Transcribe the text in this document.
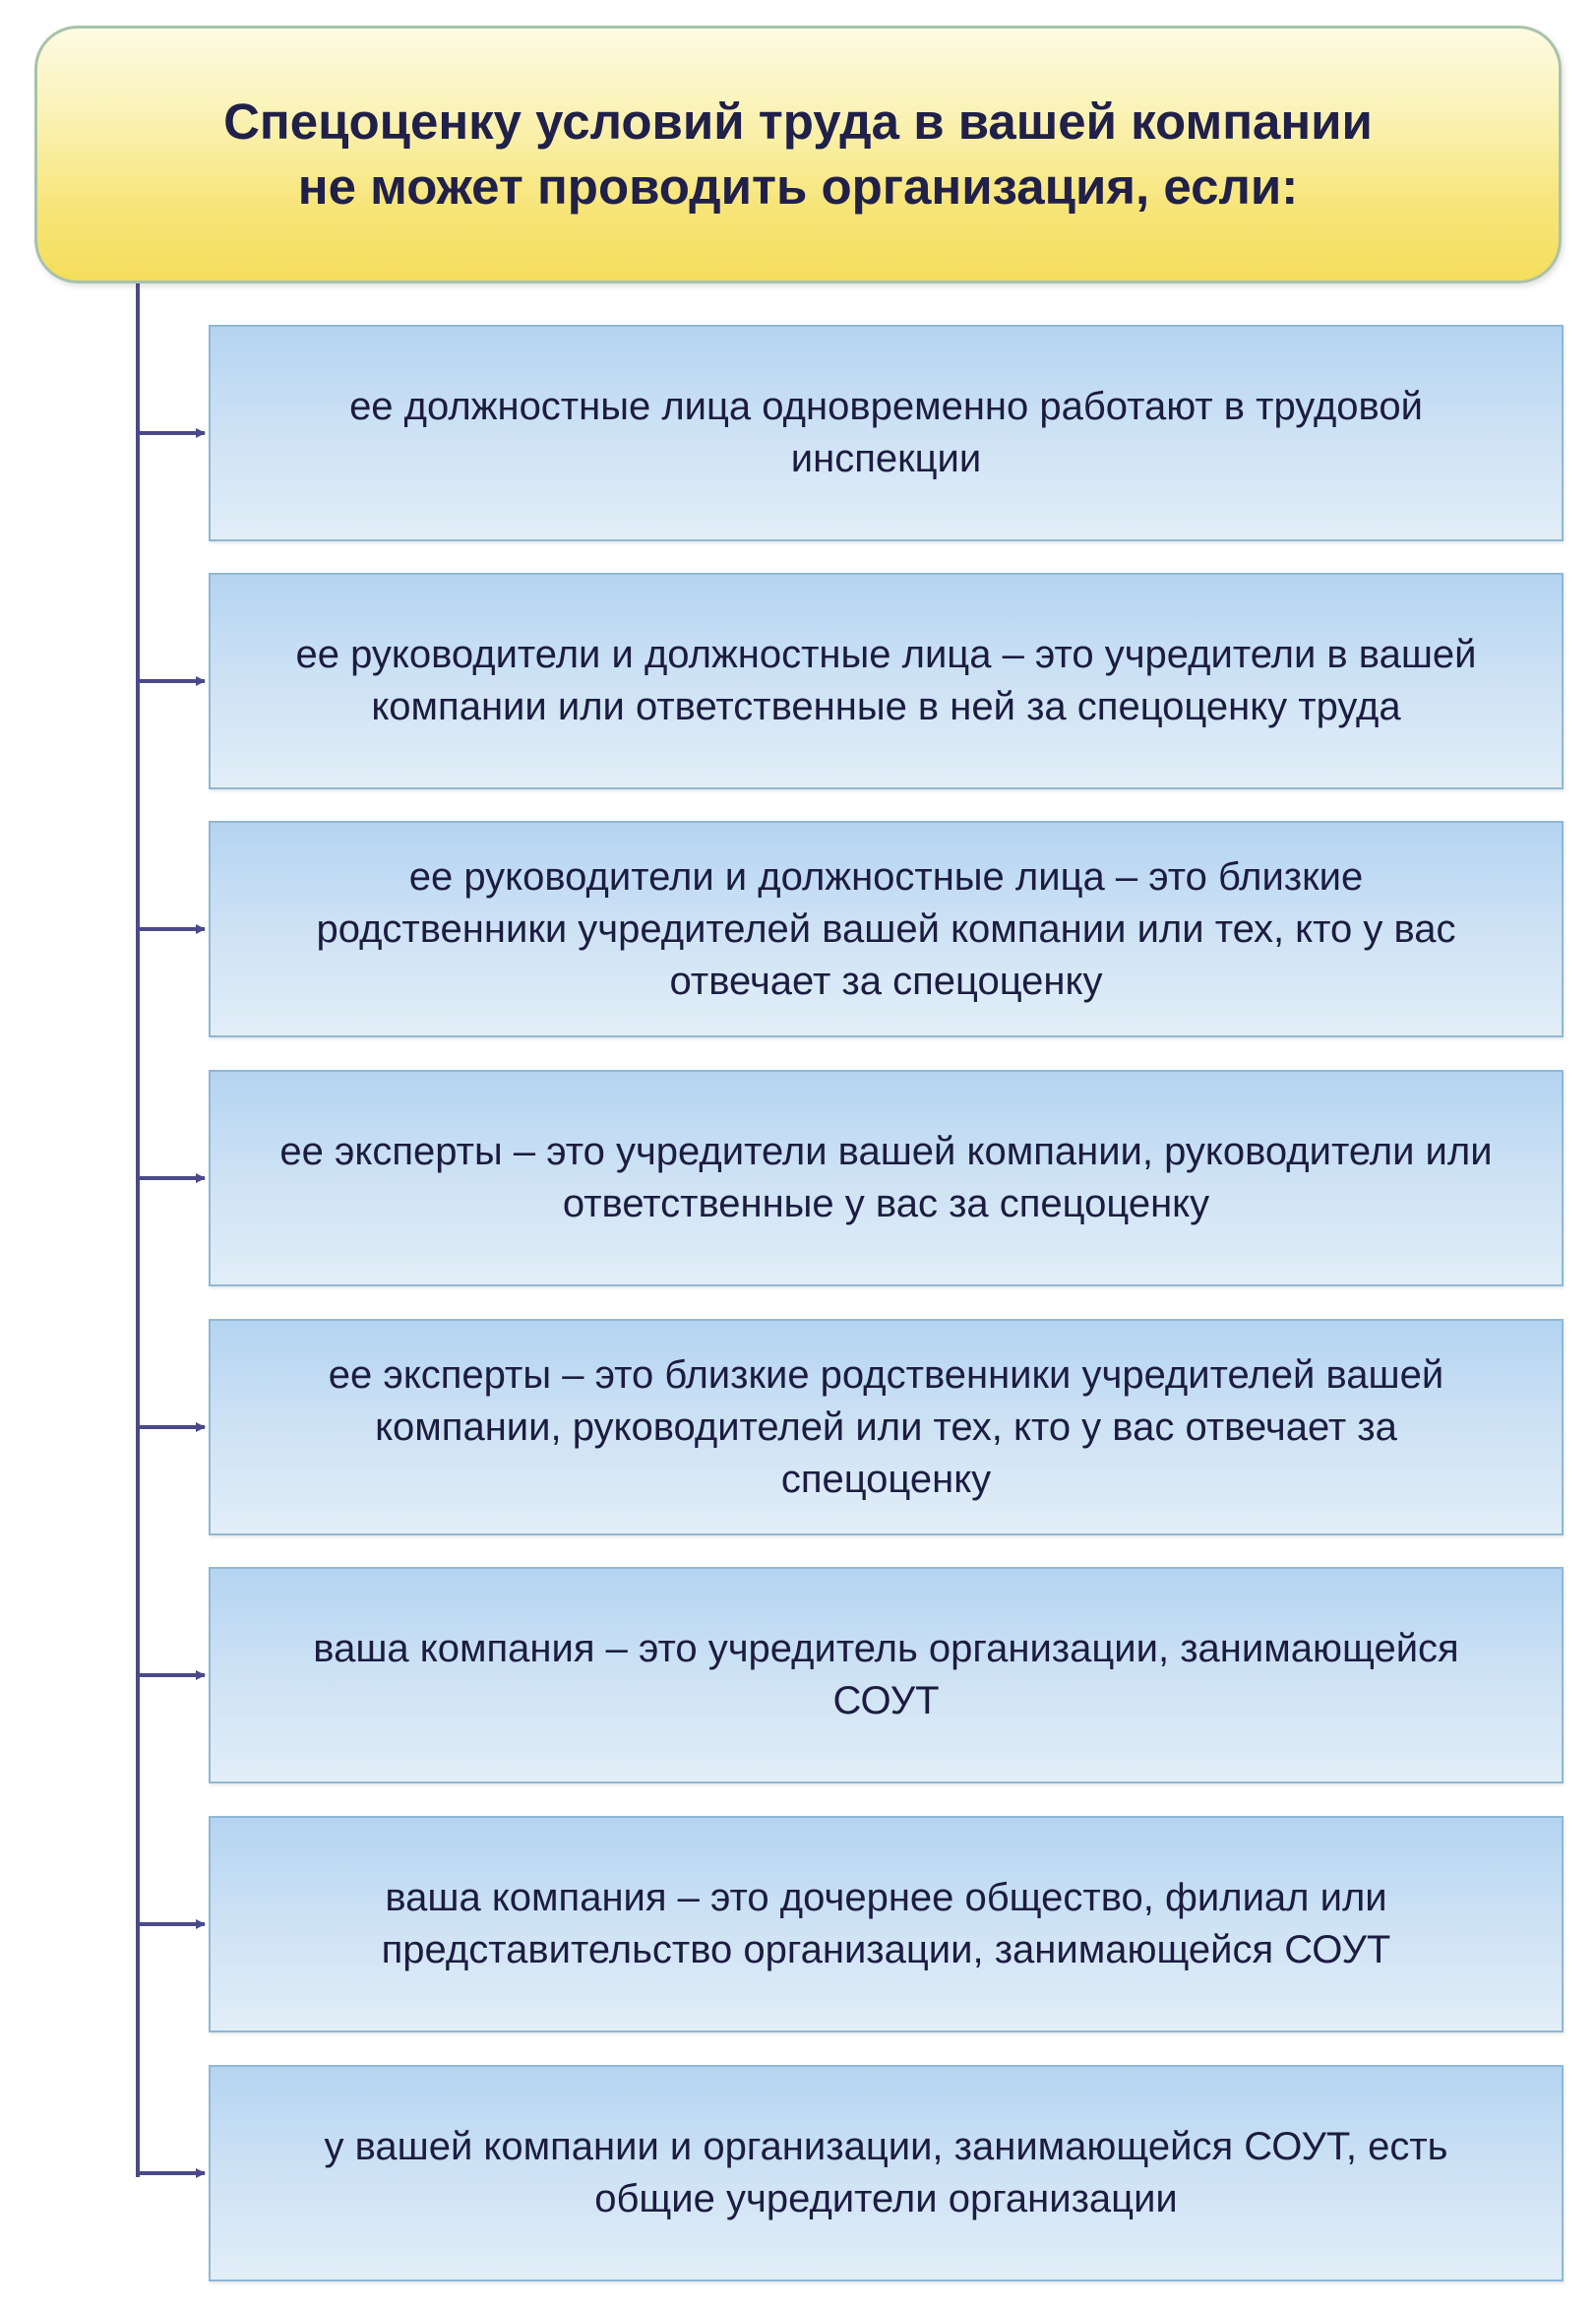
Спецоценку условий труда в вашей компании
не может проводить организация, если:
ее должностные лица одновременно работают в трудовой инспекции
ее руководители и должностные лица – это учредители в вашей компании или ответственные в ней за спецоценку труда
ее руководители и должностные лица – это близкие родственники учредителей вашей компании или тех, кто у вас отвечает за спецоценку
ее эксперты – это учредители вашей компании, руководители или ответственные у вас за спецоценку
ее эксперты – это близкие родственники учредителей вашей компании, руководителей или тех, кто у вас отвечает за спецоценку
ваша компания – это учредитель организации, занимающейся СОУТ
ваша компания – это дочернее общество, филиал или представительство организации, занимающейся СОУТ
у вашей компании и организации, занимающейся СОУТ, есть общие учредители организации
